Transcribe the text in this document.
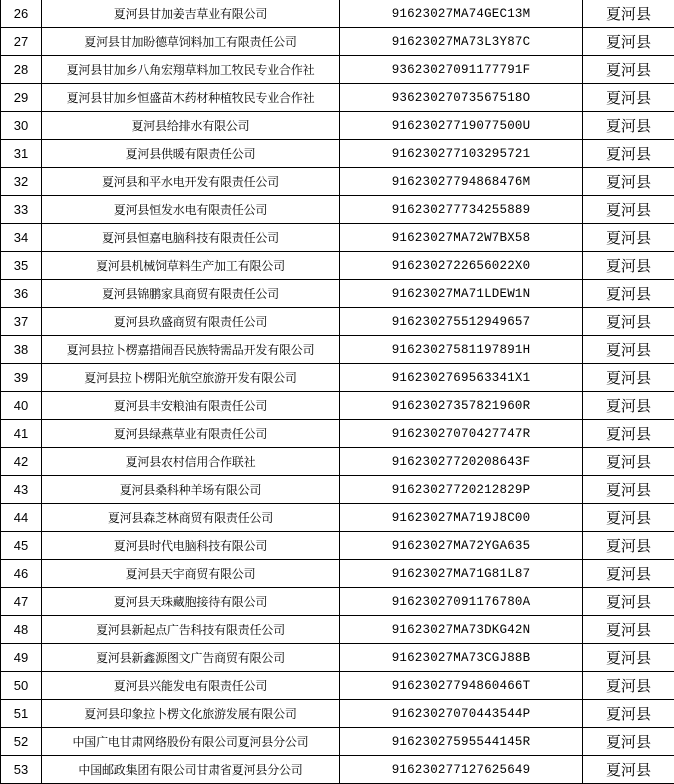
26	夏河县甘加姜吉草业有限公司	91623027MA74GEC13M	夏河县
27	夏河县甘加盼德草饲料加工有限责任公司	91623027MA73L3Y87C	夏河县
28	夏河县甘加乡八角宏翔草料加工牧民专业合作社	93623027091177791F	夏河县
29	夏河县甘加乡恒盛苗木药材种植牧民专业合作社	93623027073567518O	夏河县
30	夏河县给排水有限公司	91623027719077500U	夏河县
31	夏河县供暖有限责任公司	916230277103295721	夏河县
32	夏河县和平水电开发有限责任公司	91623027794868476M	夏河县
33	夏河县恒发水电有限责任公司	916230277734255889	夏河县
34	夏河县恒嘉电脑科技有限责任公司	91623027MA72W7BX58	夏河县
35	夏河县机械饲草料生产加工有限公司	91623027226560​22X0	夏河县
36	夏河县锦鹏家具商贸有限责任公司	91623027MA71LDEW1N	夏河县
37	夏河县玖盛商贸有限责任公司	916230275512949657	夏河县
38	夏河县拉卜楞嘉措闹吾民族特需品开发有限公司	91623027581197891H	夏河县
39	夏河县拉卜楞阳光航空旅游开发有限公司	91623027695633​41X1	夏河县
40	夏河县丰安粮油有限责任公司	91623027357821960R	夏河县
41	夏河县绿燕草业有限责任公司	91623027070427747R	夏河县
42	夏河县农村信用合作联社	91623027720208643F	夏河县
43	夏河县桑科种羊场有限公司	91623027720212829P	夏河县
44	夏河县森芝林商贸有限责任公司	91623027MA719J8C00	夏河县
45	夏河县时代电脑科技有限公司	91623027MA72YGA635	夏河县
46	夏河县天宇商贸有限公司	91623027MA71G81L87	夏河县
47	夏河县天珠藏胞接待有限公司	91623027091176780A	夏河县
48	夏河县新起点广告科技有限责任公司	91623027MA73DKG42N	夏河县
49	夏河县新鑫源图文广告商贸有限公司	91623027MA73CGJ88B	夏河县
50	夏河县兴能发电有限责任公司	91623027794860466T	夏河县
51	夏河县印象拉卜楞文化旅游发展有限公司	91623027070443544P	夏河县
52	中国广电甘肃网络股份有限公司夏河县分公司	91623027595544145R	夏河县
53	中国邮政集团有限公司甘肃省夏河县分公司	916230277127625649	夏河县
